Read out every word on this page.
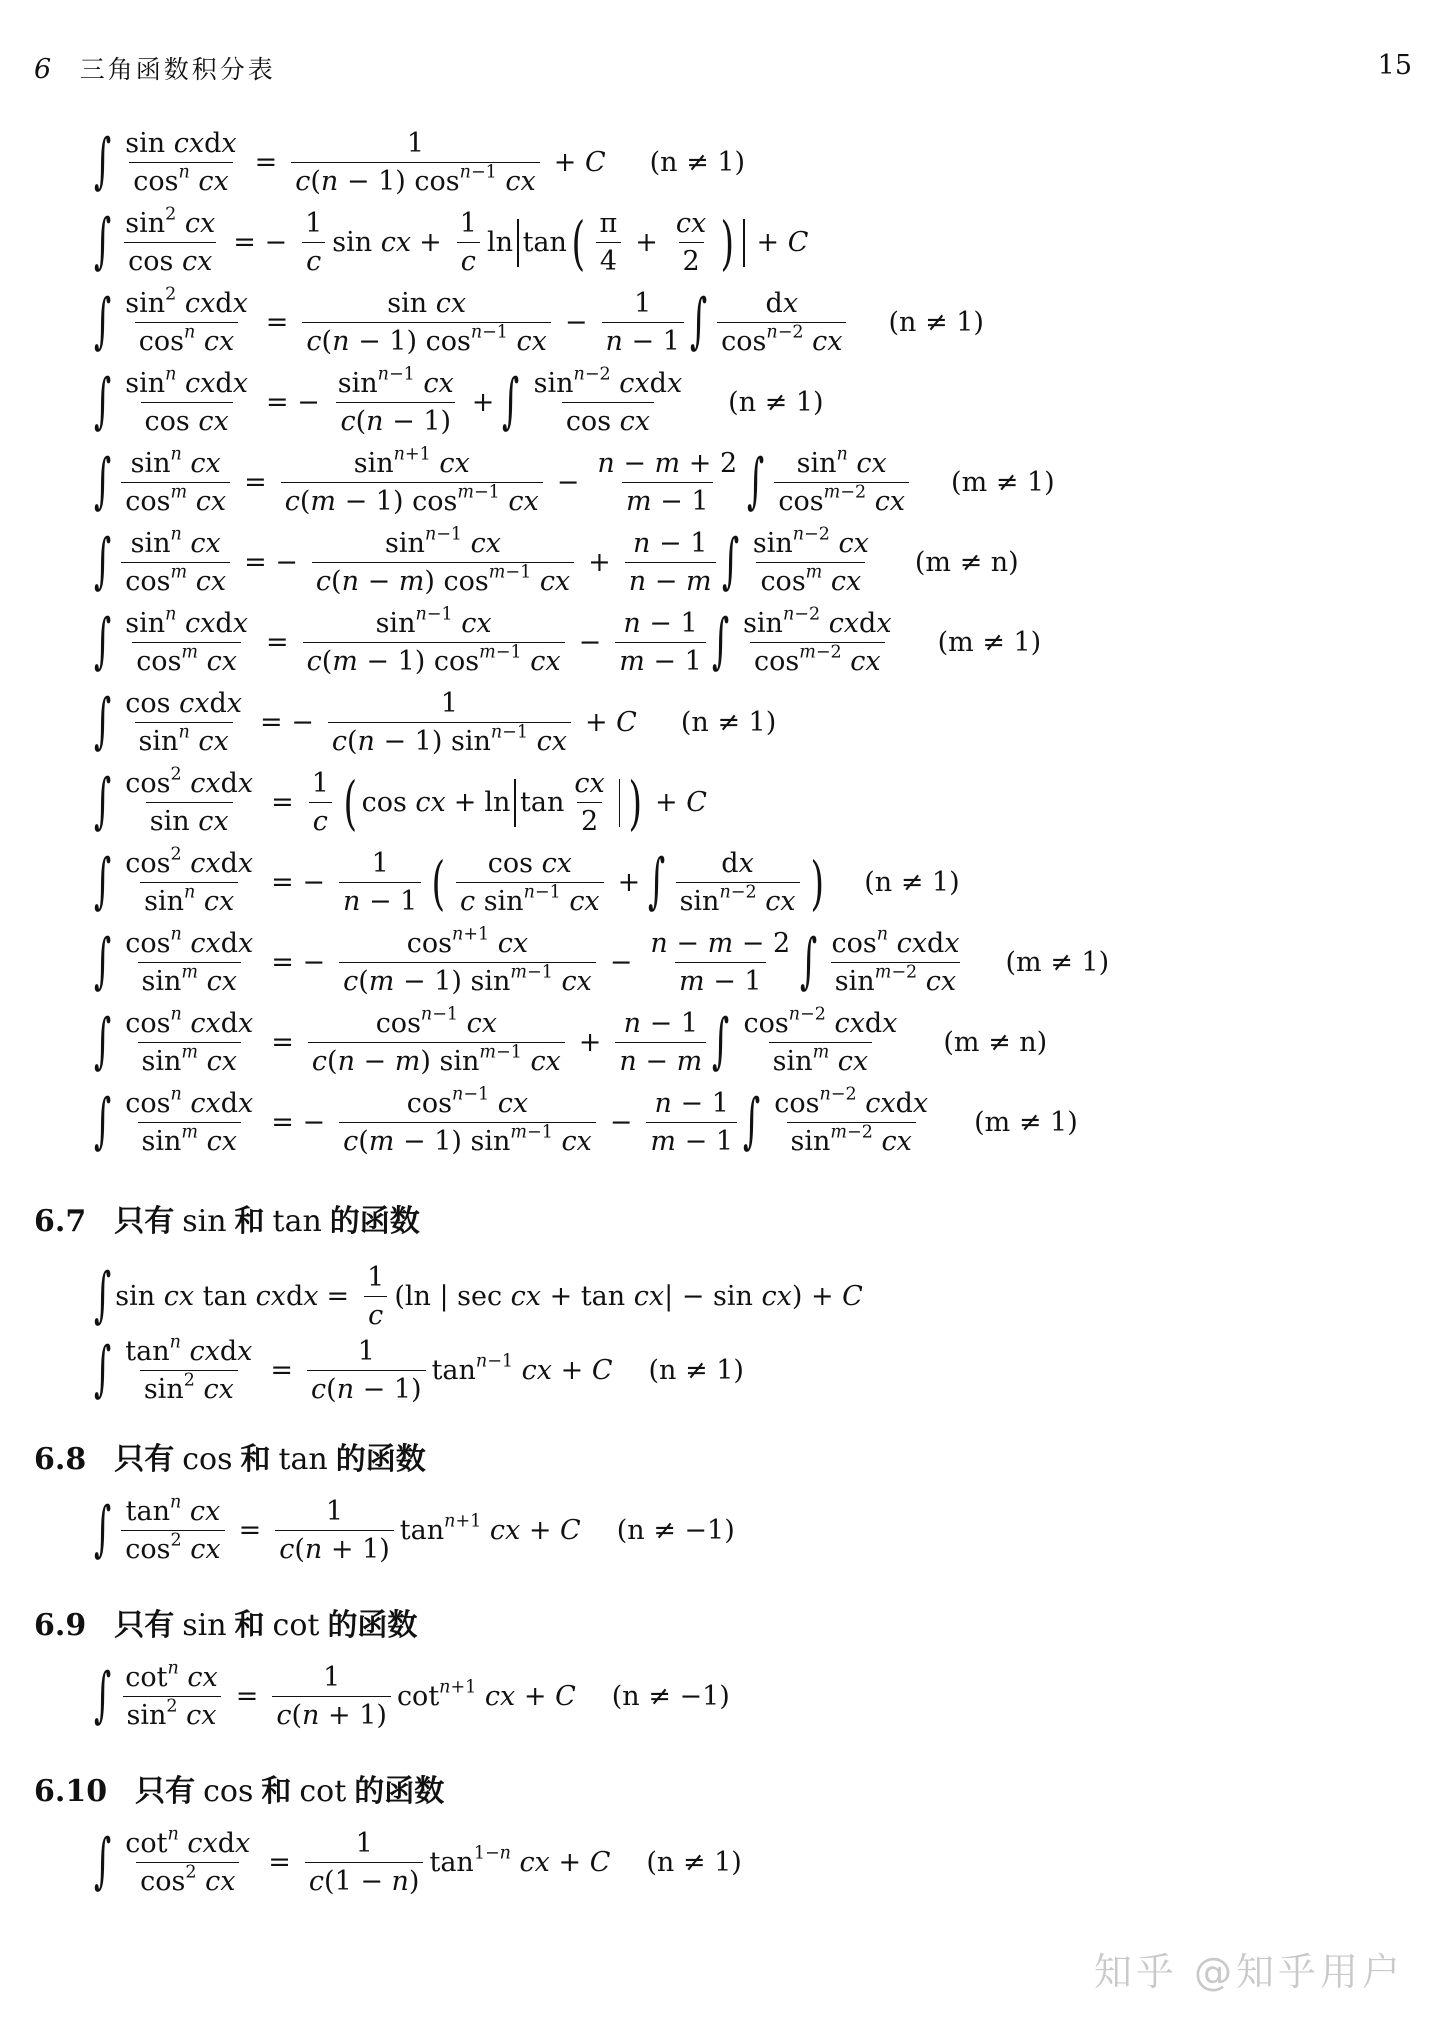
6 三角函数积分表	15
∫ $\frac{\text{sin cxdx}}{\cos^n cx} = \frac{1}{c(n - 1) \cos^{n-1} cx} + C$ (n ≠ 1)
∫ $\frac{\sin^2 cx}{\text{cos cx}}$ = − $\frac{1}{c}$ sin cx + $\frac{1}{c}$ ln tan ( $\frac{\pi}{4} + \frac{cx}{2}$ ) + C
∫ $\frac{\sin^2 cxdx}{\cos^n cx} = \frac{\text{sin cx}}{c(n - 1) \cos^{n-1} cx} - \frac{1}{n - 1}$ ∫ $\frac{dx}{\cos^{n-2} cx} (n \ne 1)$
∫ $\frac{\sin^n cxdx}{\text{cos cx}}$ = − $\frac{\sin^{n-1} cx}{c(n - 1)}$ + ∫ $\frac{\sin^{n-2} cxdx}{\text{cos cx}} (n \ne 1)$
∫ $\frac{\sin^n cx}{\cos^m cx} = \frac{\sin^{n+1} cx}{c(m - 1) \cos^{m-1} cx} - \frac{n - m + 2}{m - 1}$ ∫ $\frac{\sin^n cx}{\cos^{m-2} cx} (m \ne 1)$
∫ $\frac{\sin^n cx}{\cos^m cx}$ = − $\frac{\sin^{n-1} cx}{c(n - m) \cos^{m-1} cx} + \frac{n - 1}{n - m}$ ∫ $\frac{\sin^{n-2} cx}{\cos^m cx} (m \ne n)$
∫ $\frac{\sin^n cxdx}{\cos^m cx} = \frac{\sin^{n-1} cx}{c(m - 1) \cos^{m-1} cx} - \frac{n - 1}{m - 1}$ ∫ $\frac{\sin^{n-2} cxdx}{\cos^{m-2} cx} (m \ne 1)$
∫ $\frac{\text{cos cxdx}}{\sin^n cx}$ = − $\frac{1}{c(n - 1) \sin^{n-1} cx} + C$ (n ≠ 1)
∫ $\frac{\cos^2 cxdx}{\text{sin cx}} = \frac{1}{c}$ ( cos cx + $\ln \tan \frac{cx}{2}$ ) + C
∫ $\frac{\cos^2 cxdx}{\sin^n cx}$ = − $\frac{1}{n - 1}$ ( $\frac{\text{cos cx}}{c \sin^{n-1} cx}$ + ∫ $\frac{dx}{\sin^{n-2} cx}$ ) (n ≠ 1)
∫ $\frac{\cos^n cxdx}{\sin^m cx}$ = − $\frac{\cos^{n+1} cx}{c(m - 1) \sin^{m-1} cx} - \frac{n - m - 2}{m - 1}$ ∫ $\frac{\cos^n cxdx}{\sin^{m-2} cx} (m \ne 1)$
∫ $\frac{\cos^n cxdx}{\sin^m cx} = \frac{\cos^{n-1} cx}{c(n - m) \sin^{m-1} cx} + \frac{n - 1}{n - m}$ ∫ $\frac{\cos^{n-2} cxdx}{\sin^m cx} (m \ne n)$
∫ $\frac{\cos^n cxdx}{\sin^m cx}$ = − $\frac{\cos^{n-1} cx}{c(m - 1) \sin^{m-1} cx} - \frac{n - 1}{m - 1}$ ∫ $\frac{\cos^{n-2} cxdx}{\sin^{m-2} cx} (m \ne 1)$
6.7 只有 sin 和 tan 的函数
∫ sin cx tan cxdx = $\frac{1}{c} (\ln$ | sec cx + tan cx| − sin cx) + C
∫ $\frac{\tan^n cxdx}{\sin^2 cx} = \frac{1}{c(n - 1)} \tan^{n-1}$ cx + C (n ≠ 1)
6.8 只有 cos 和 tan 的函数
∫ $\frac{\tan^n cx}{\cos^2 cx} = \frac{1}{c(n + 1)} \tan^{n+1}$ cx + C (n ≠ −1)
6.9 只有 sin 和 cot 的函数
∫ $\frac{\cot^n cx}{\sin^2 cx} = \frac{1}{c(n + 1)} \cot^{n+1}$ cx + C (n ≠ −1)
6.10 只有 cos 和 cot 的函数
∫ $\frac{\cot^n cxdx}{\cos^2 cx} = \frac{1}{c(1 - n)} \tan^{1-n}$ cx + C (n ≠ 1)
知乎 @知乎用户
